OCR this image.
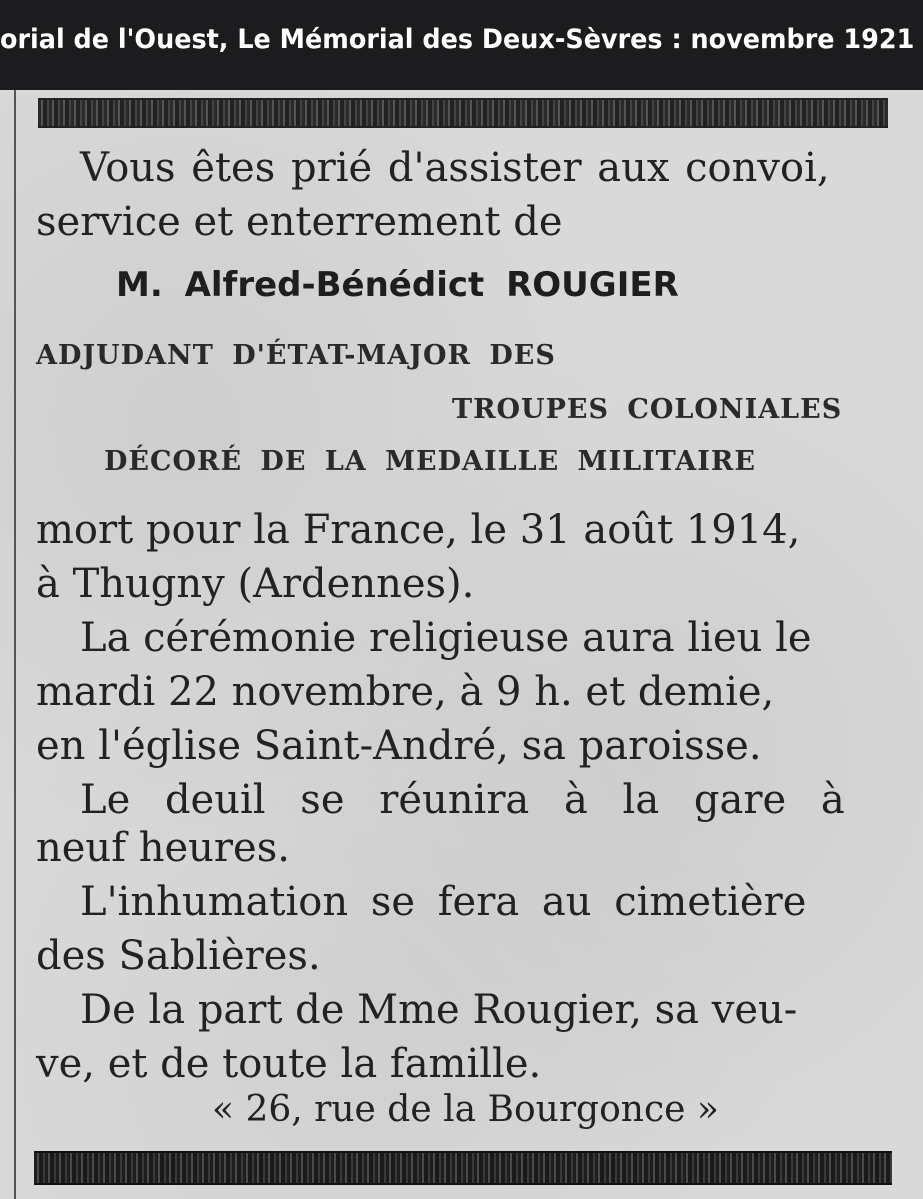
orial de l'Ouest, Le Mémorial des Deux-Sèvres : novembre 1921
Vous êtes prié d'assister aux convoi,
service et enterrement de
M. Alfred-Bénédict ROUGIER
ADJUDANT D'ÉTAT-MAJOR DES
TROUPES COLONIALES
DÉCORÉ DE LA MEDAILLE MILITAIRE
mort pour la France, le 31 août 1914,
à Thugny (Ardennes).
La cérémonie religieuse aura lieu le
mardi 22 novembre, à 9 h. et demie,
en l'église Saint-André, sa paroisse.
Le deuil se réunira à la gare à
neuf heures.
L'inhumation se fera au cimetière
des Sablières.
De la part de Mme Rougier, sa veu-
ve, et de toute la famille.
« 26, rue de la Bourgonce »
